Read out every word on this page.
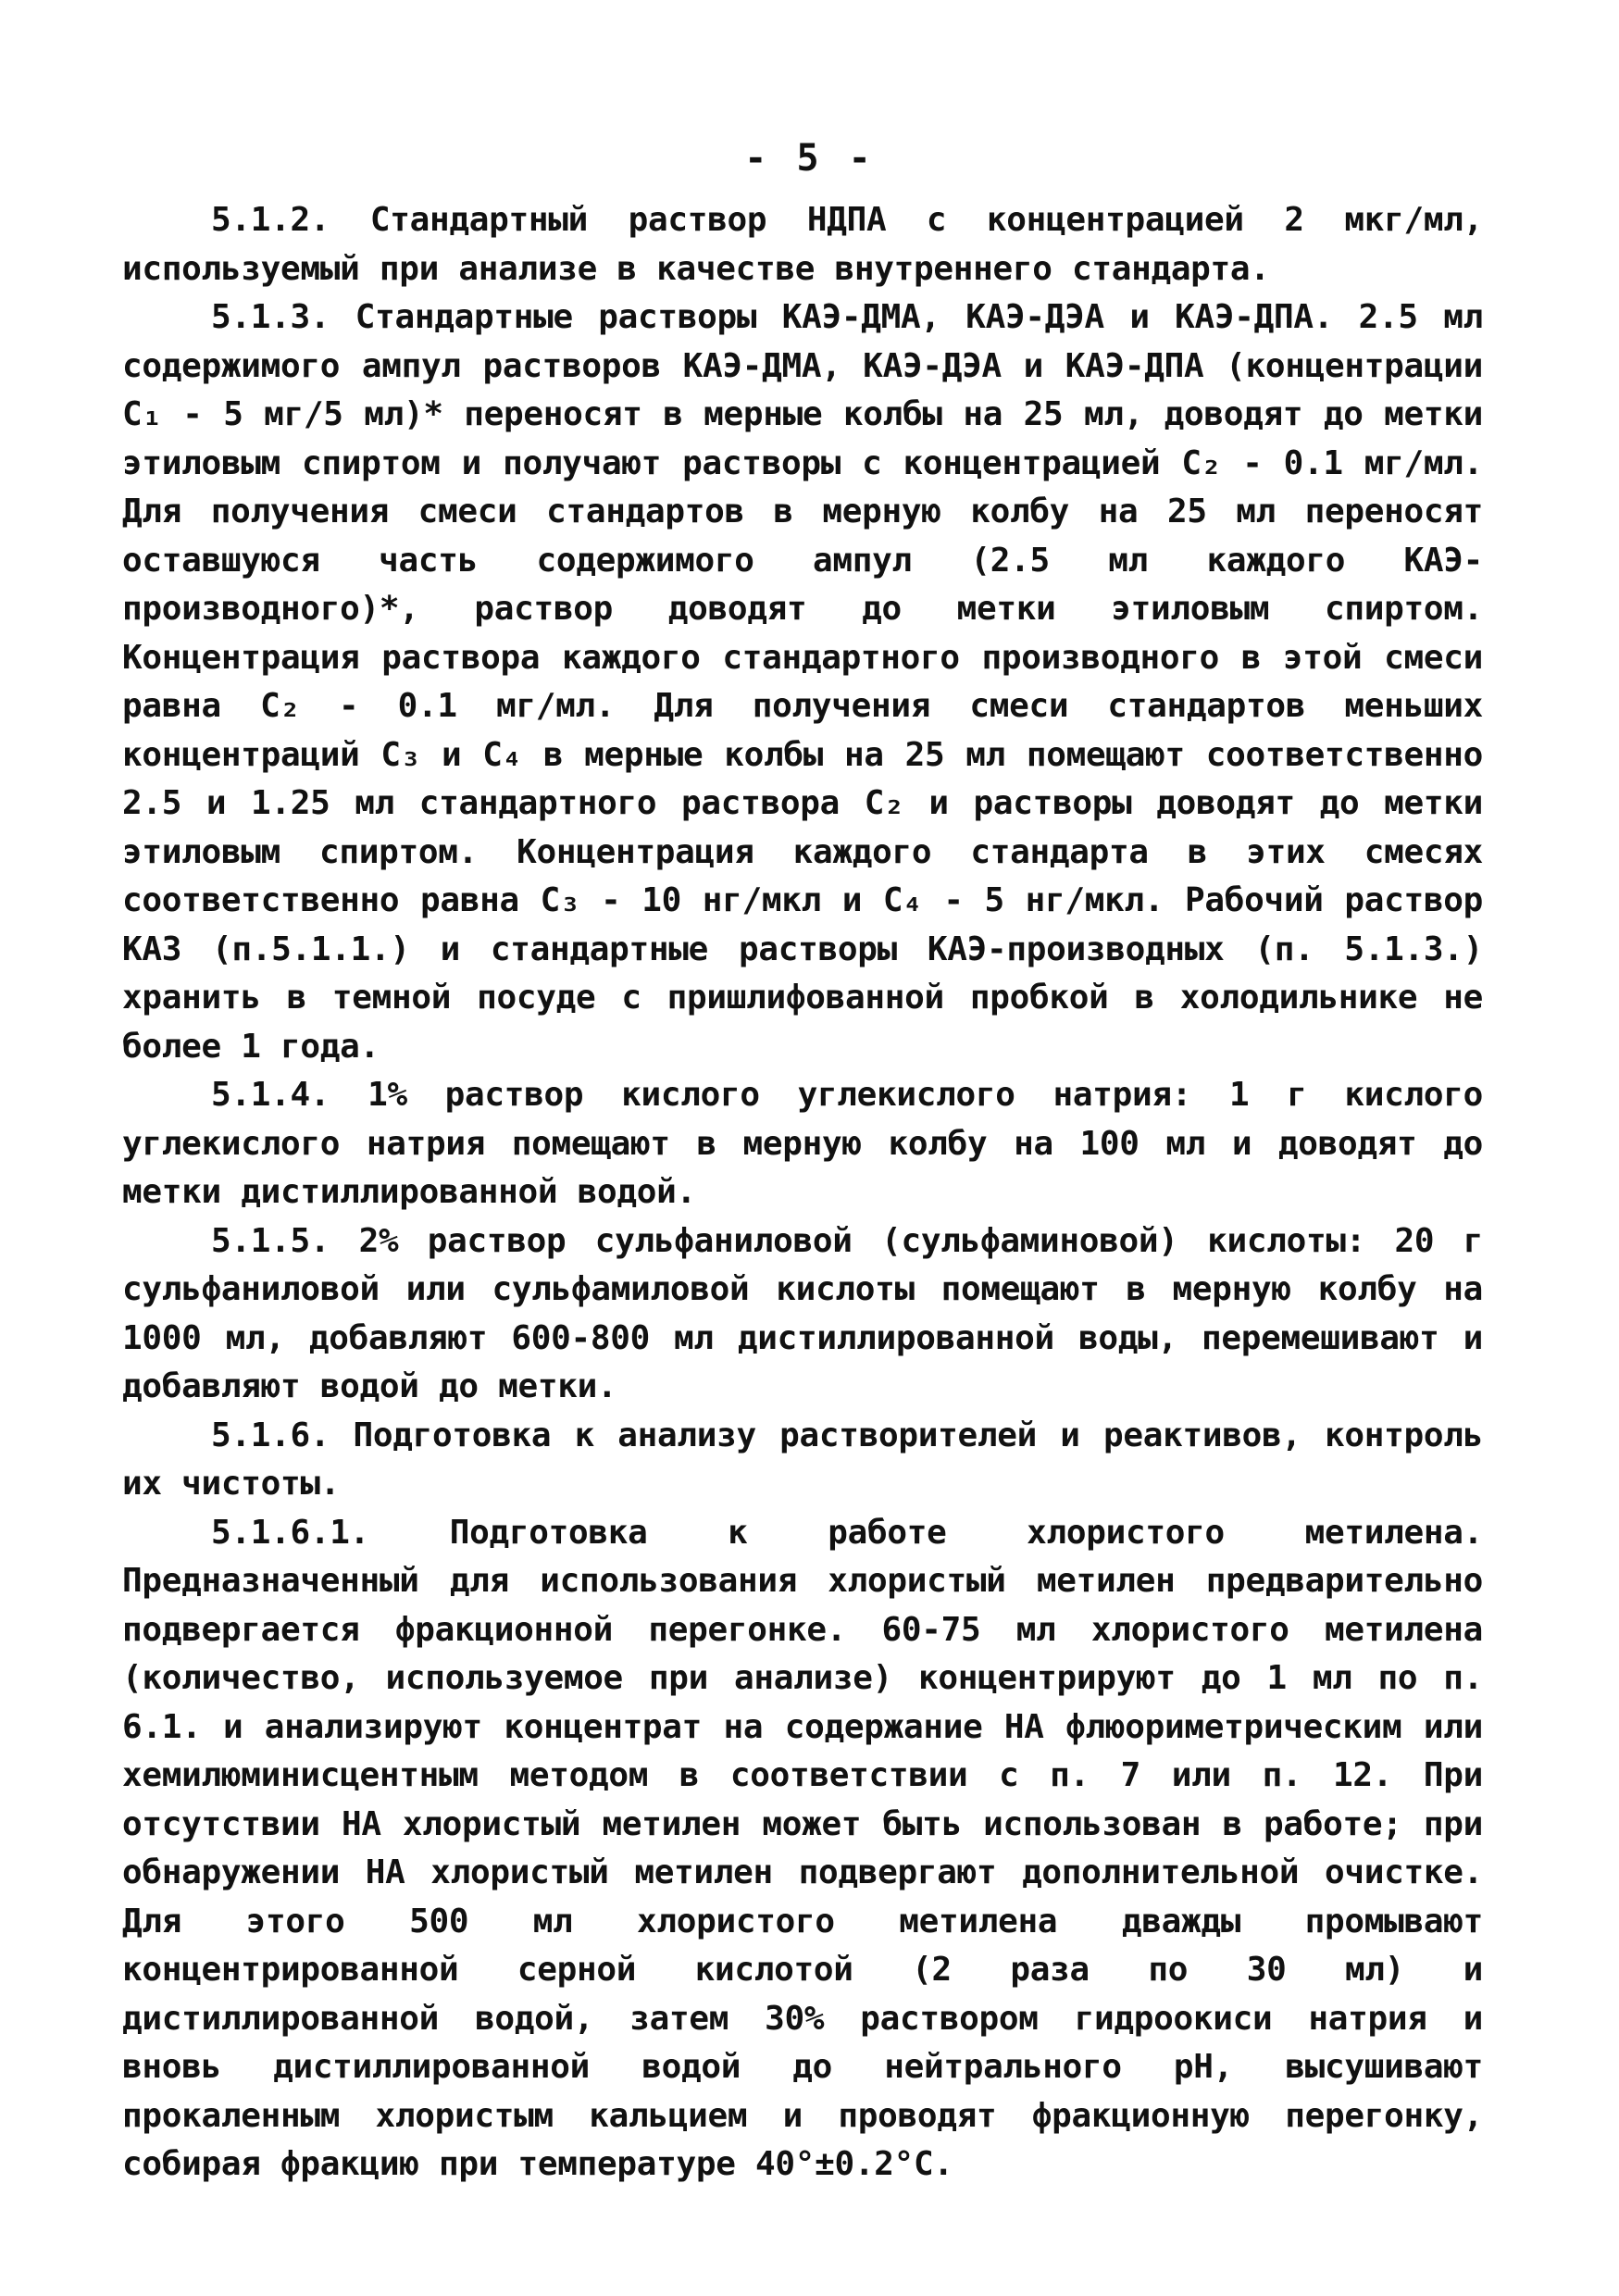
- 5 -

5.1.2. Стандартный раствор НДПА с концентрацией 2 мкг/мл, используемый при анализе в качестве внутреннего стандарта.

5.1.3. Стандартные растворы КАЭ-ДМА, КАЭ-ДЭА и КАЭ-ДПА. 2.5 мл содержимого ампул растворов КАЭ-ДМА, КАЭ-ДЭА и КАЭ-ДПА (концентрации C₁ - 5 мг/5 мл)* переносят в мерные колбы на 25 мл, доводят до метки этиловым спиртом и получают растворы с концентрацией C₂ - 0.1 мг/мл. Для получения смеси стандартов в мерную колбу на 25 мл переносят оставшуюся часть содержимого ампул (2.5 мл каждого КАЭ-производного)*, раствор доводят до метки этиловым спиртом. Концентрация раствора каждого стандартного производного в этой смеси равна C₂ - 0.1 мг/мл. Для получения смеси стандартов меньших концентраций C₃ и C₄ в мерные колбы на 25 мл помещают соответственно 2.5 и 1.25 мл стандартного раствора C₂ и растворы доводят до метки этиловым спиртом. Концентрация каждого стандарта в этих смесях соответственно равна C₃ - 10 нг/мкл и C₄ - 5 нг/мкл. Рабочий раствор КАЗ (п.5.1.1.) и стандартные растворы КАЭ-производных (п. 5.1.3.) хранить в темной посуде с пришлифованной пробкой в холодильнике не более 1 года.

5.1.4. 1% раствор кислого углекислого натрия: 1 г кислого углекислого натрия помещают в мерную колбу на 100 мл и доводят до метки дистиллированной водой.

5.1.5. 2% раствор сульфаниловой (сульфаминовой) кислоты: 20 г сульфаниловой или сульфамиловой кислоты помещают в мерную колбу на 1000 мл, добавляют 600-800 мл дистиллированной воды, перемешивают и добавляют водой до метки.

5.1.6. Подготовка к анализу растворителей и реактивов, контроль их чистоты.

5.1.6.1. Подготовка к работе хлористого метилена. Предназначенный для использования хлористый метилен предварительно подвергается фракционной перегонке. 60-75 мл хлористого метилена (количество, используемое при анализе) концентрируют до 1 мл по п. 6.1. и анализируют концентрат на содержание НА флюориметрическим или хемилюминисцентным методом в соответствии с п. 7 или п. 12. При отсутствии НА хлористый метилен может быть использован в работе; при обнаружении НА хлористый метилен подвергают дополнительной очистке. Для этого 500 мл хлористого метилена дважды промывают концентрированной серной кислотой (2 раза по 30 мл) и дистиллированной водой, затем 30% раствором гидроокиси натрия и вновь дистиллированной водой до нейтрального pH, высушивают прокаленным хлористым кальцием и проводят фракционную перегонку, собирая фракцию при температуре 40°±0.2°C.
